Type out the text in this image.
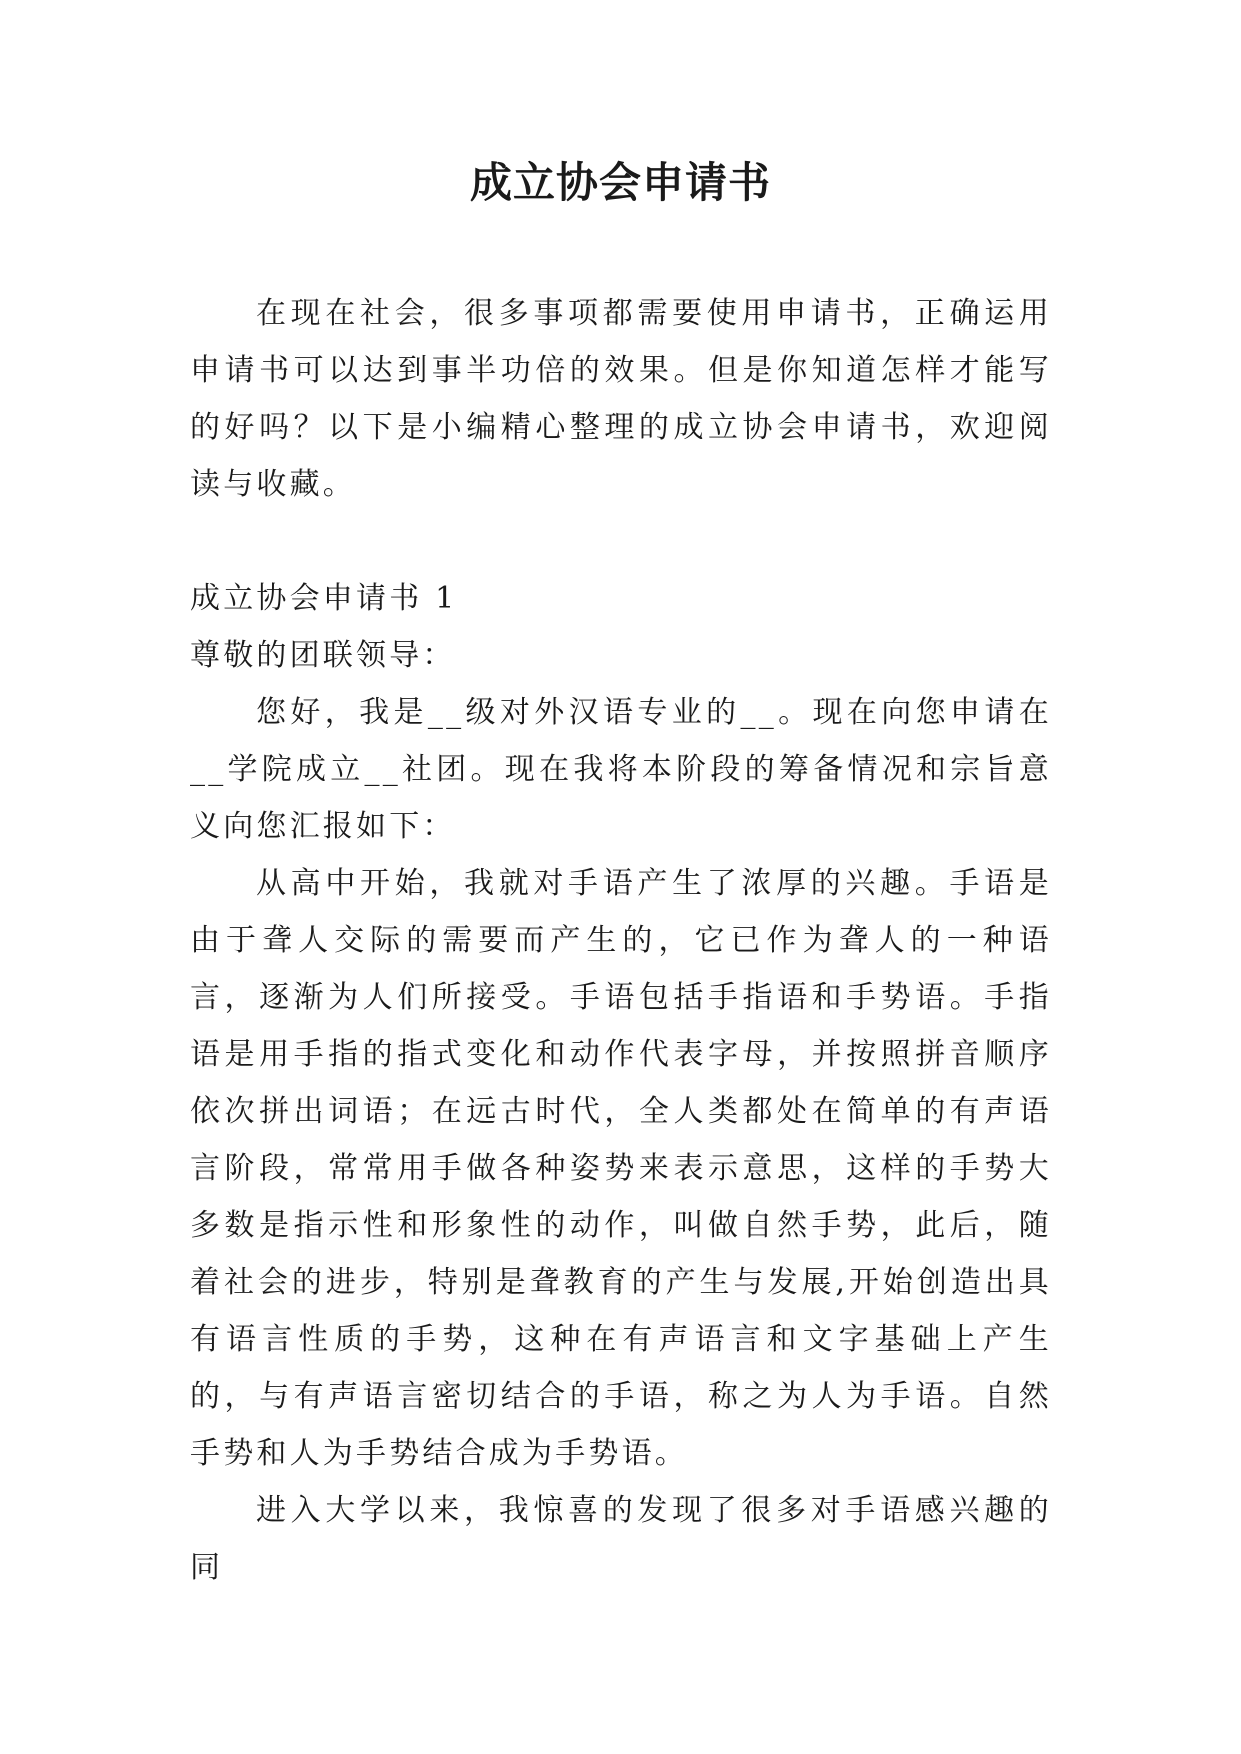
成立协会申请书

在现在社会，很多事项都需要使用申请书，正确运用申请书可以达到事半功倍的效果。但是你知道怎样才能写的好吗？以下是小编精心整理的成立协会申请书，欢迎阅读与收藏。

成立协会申请书 1

尊敬的团联领导：

您好，我是__级对外汉语专业的__。现在向您申请在__学院成立__社团。现在我将本阶段的筹备情况和宗旨意义向您汇报如下：

从高中开始，我就对手语产生了浓厚的兴趣。手语是由于聋人交际的需要而产生的，它已作为聋人的一种语言，逐渐为人们所接受。手语包括手指语和手势语。手指语是用手指的指式变化和动作代表字母，并按照拼音顺序依次拼出词语；在远古时代，全人类都处在简单的有声语言阶段，常常用手做各种姿势来表示意思，这样的手势大多数是指示性和形象性的动作，叫做自然手势，此后，随着社会的进步，特别是聋教育的产生与发展,开始创造出具有语言性质的手势，这种在有声语言和文字基础上产生的，与有声语言密切结合的手语，称之为人为手语。自然手势和人为手势结合成为手势语。

进入大学以来，我惊喜的发现了很多对手语感兴趣的同
